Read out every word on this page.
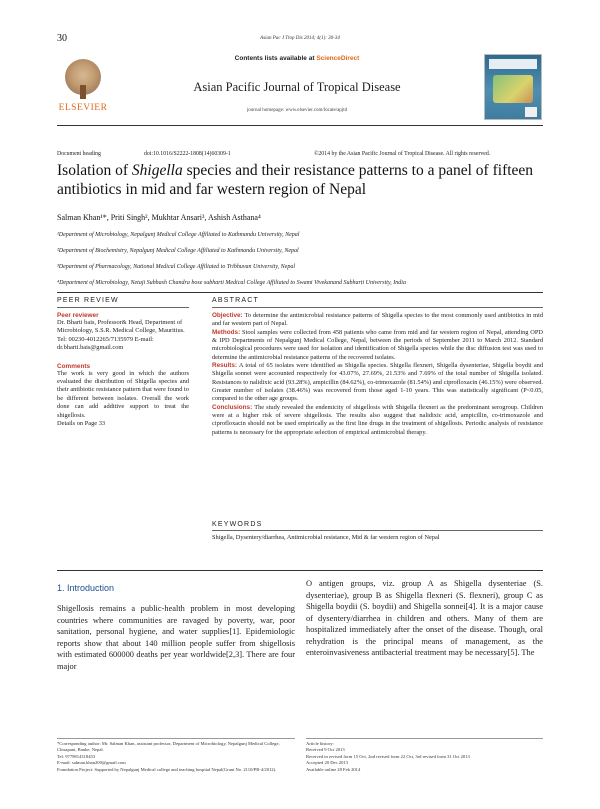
30	Asian Pac J Trop Dis 2014; 4(1): 30-34
ELSEVIER
Contents lists available at ScienceDirect
Asian Pacific Journal of Tropical Disease
journal homepage: www.elsevier.com/locate/apjtd
Document heading	doi:10.1016/S2222-1808(14)60309-1	©2014 by the Asian Pacific Journal of Tropical Disease. All rights reserved.
Isolation of Shigella species and their resistance patterns to a panel of fifteen antibiotics in mid and far western region of Nepal
Salman Khan¹*, Priti Singh², Mukhtar Ansari³, Ashish Asthana⁴
¹Department of Microbiology, Nepalgunj Medical College Affiliated to Kathmandu University, Nepal
²Department of Biochemistry, Nepalgunj Medical College Affiliated to Kathmandu University, Nepal
³Department of Pharmacology, National Medical College Affiliated to Tribhuvan University, Nepal
⁴Department of Microbiology, Netaji Subhash Chandra bose subharti Medical College Affiliated to Swami Vivekanand Subharti University, India
PEER REVIEW
Peer reviewer
Dr. Bharti bais, Professor& Head, Department of Microbiology, S.S.R. Medical College, Mauritius. Tel: 00230-4012265/7135979 E-mail: dr.bharti.bais@gmail.com
Comments
The work is very good in which the authors evaluated the distribution of Shigella species and their antibiotic resistance pattern that were found to be different between isolates. Overall the work done can add additive support to treat the shigellosis.
Details on Page 33
ABSTRACT
Objective: To determine the antimicrobial resistance patterns of Shigella species to the most commonly used antibiotics in mid and far western part of Nepal.
Methods: Stool samples were collected from 458 patients who came from mid and far western region of Nepal, attending OPD & IPD Departments of Nepalgunj Medical College, Nepal, between the periods of September 2011 to March 2012. Standard microbiological procedures were used for isolation and identification of Shigella species while the disc diffusion test was used to determine the antimicrobial resistance patterns of the recovered isolates.
Results: A total of 65 isolates were identified as Shigella species. Shigella flexneri, Shigella dysenteriae, Shigella boydii and Shigella sonnei were accounted respectively for 43.07%, 27.69%, 21.53% and 7.69% of the total number of Shigella isolated. Resistances to nalidixic acid (93.28%), ampicillin (84.62%), co-trimoxazole (81.54%) and ciprofloxacin (46.15%) were observed. Greater number of isolates (38.46%) was recovered from those aged 1-10 years. This was statistically significant (P<0.05, compared to the other age groups.
Conclusions: The study revealed the endemicity of shigellosis with Shigella flexneri as the predominant serogroup. Children were at a higher risk of severe shigellosis. The results also suggest that nalidixic acid, ampicillin, co-trimoxazole and ciprofloxacin should not be used empirically as the first line drugs in the treatment of shigellosis. Periodic analysis of resistance patterns is necessary for the appropriate selection of empirical antimicrobial therapy.
KEYWORDS
Shigella, Dysentery/diarrhea, Antimicrobial resistance, Mid & far western region of Nepal
1. Introduction
Shigellosis remains a public-health problem in most developing countries where communities are ravaged by poverty, war, poor sanitation, personal hygiene, and water supplies[1]. Epidemiologic reports show that about 140 million people suffer from shigellosis with estimated 600000 deaths per year worldwide[2,3]. There are four major
O antigen groups, viz. group A as Shigella dysenteriae (S. dysenteriae), group B as Shigella flexneri (S. flexneri), group C as Shigella boydii (S. boydii) and Shigella sonnei[4]. It is a major cause of dysentery/diarrhea in children and others. Many of them are hospitalized immediately after the onset of the disease. Though, oral rehydration is the principal means of management, as the enteroinvasiveness antibacterial treatment may be necessary[5]. The
*Corresponding author: Mr. Salman Khan, assistant professor, Department of Microbiology, Nepalgunj Medical College, Chisapani, Banke, Nepal.
Tel: 9779814318453
E-mail: salman.khan200@gmail.com
Foundation Project: Supported by Nepalgunj Medical college and teaching hospital Nepal(Grant No. 2110/PR-4/2012).
Article history:
Received 9 Oct 2013
Received in revised form 15 Oct, 2nd revised form 22 Oct, 3rd revised form 31 Oct 2013
Accepted 20 Dec 2013
Available online 28 Feb 2014
